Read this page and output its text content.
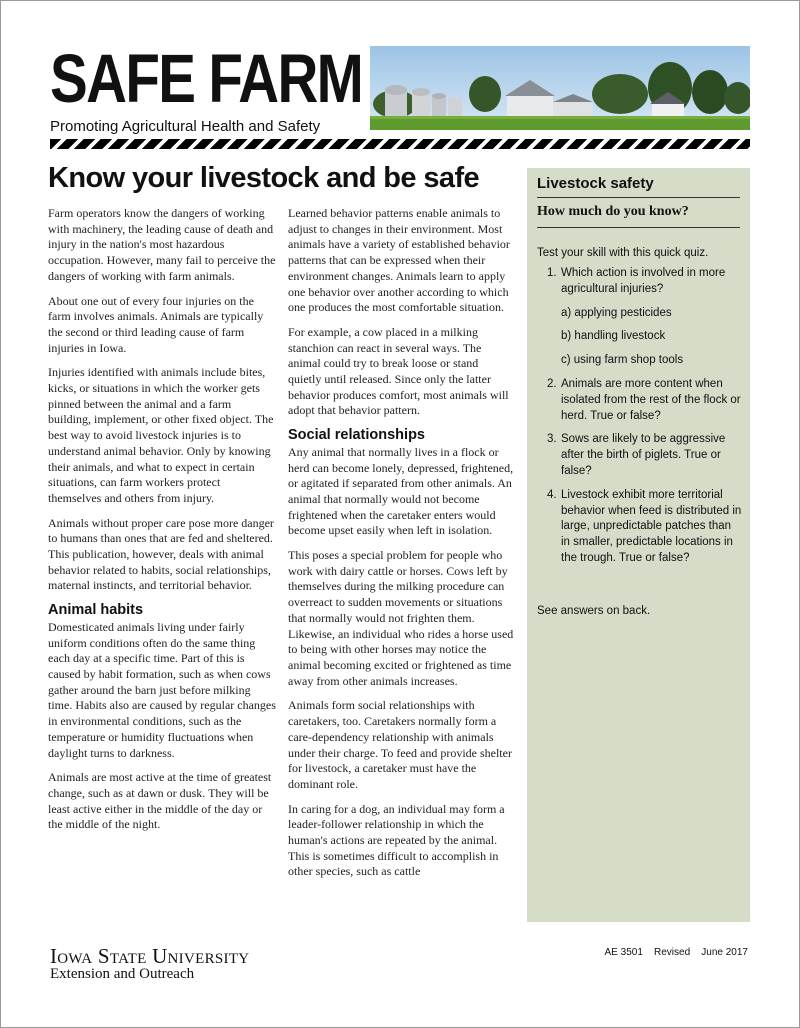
SAFE FARM
Promoting Agricultural Health and Safety
Know your livestock and be safe

Farm operators know the dangers of working with machinery, the leading cause of death and injury in the nation's most hazardous occupation. However, many fail to perceive the dangers of working with farm animals.

About one out of every four injuries on the farm involves animals. Animals are typically the second or third leading cause of farm injuries in Iowa.

Injuries identified with animals include bites, kicks, or situations in which the worker gets pinned between the animal and a farm building, implement, or other fixed object. The best way to avoid livestock injuries is to understand animal behavior. Only by knowing their animals, and what to expect in certain situations, can farm workers protect themselves and others from injury.

Animals without proper care pose more danger to humans than ones that are fed and sheltered. This publication, however, deals with animal behavior related to habits, social relationships, maternal instincts, and territorial behavior.

Animal habits

Domesticated animals living under fairly uniform conditions often do the same thing each day at a specific time. Part of this is caused by habit formation, such as when cows gather around the barn just before milking time. Habits also are caused by regular changes in environmental conditions, such as the temperature or humidity fluctuations when daylight turns to darkness.

Animals are most active at the time of greatest change, such as at dawn or dusk. They will be least active either in the middle of the day or the middle of the night.

Learned behavior patterns enable animals to adjust to changes in their environment. Most animals have a variety of established behavior patterns that can be expressed when their environment changes. Animals learn to apply one behavior over another according to which one produces the most comfortable situation.

For example, a cow placed in a milking stanchion can react in several ways. The animal could try to break loose or stand quietly until released. Since only the latter behavior produces comfort, most animals will adopt that behavior pattern.

Social relationships

Any animal that normally lives in a flock or herd can become lonely, depressed, frightened, or agitated if separated from other animals. An animal that normally would not become frightened when the caretaker enters would become upset easily when left in isolation.

This poses a special problem for people who work with dairy cattle or horses. Cows left by themselves during the milking procedure can overreact to sudden movements or situations that normally would not frighten them. Likewise, an individual who rides a horse used to being with other horses may notice the animal becoming excited or frightened as time away from other animals increases.

Animals form social relationships with caretakers, too. Caretakers normally form a care-dependency relationship with animals under their charge. To feed and provide shelter for livestock, a caretaker must have the dominant role.

In caring for a dog, an individual may form a leader-follower relationship in which the human's actions are repeated by the animal. This is sometimes difficult to accomplish in other species, such as cattle

Livestock safety
How much do you know?
Test your skill with this quick quiz.
1. Which action is involved in more agricultural injuries?
a) applying pesticides
b) handling livestock
c) using farm shop tools
2. Animals are more content when isolated from the rest of the flock or herd. True or false?
3. Sows are likely to be aggressive after the birth of piglets. True or false?
4. Livestock exhibit more territorial behavior when feed is distributed in large, unpredictable patches than in smaller, predictable locations in the trough. True or false?
See answers on back.
Iowa State University
Extension and Outreach
AE 3501 Revised June 2017
